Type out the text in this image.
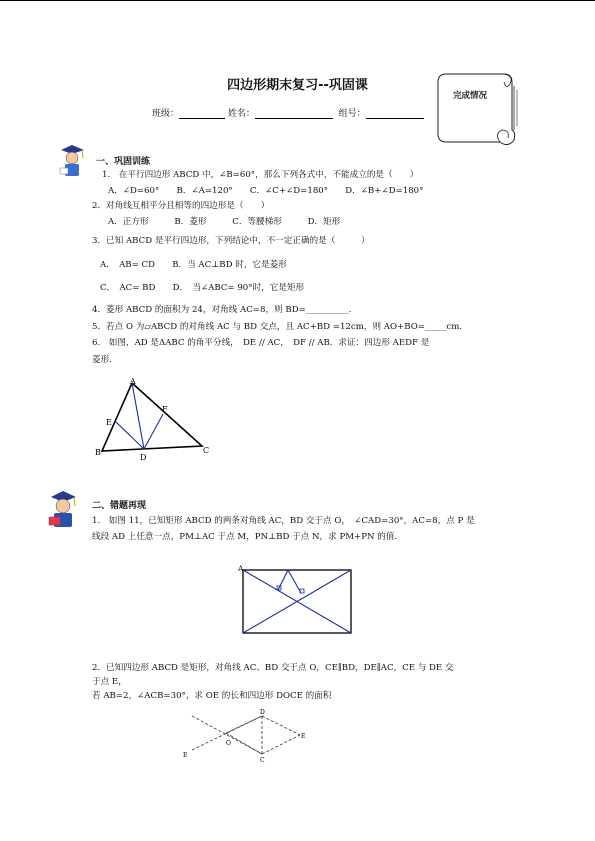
四边形期末复习--巩固课
班级：	姓名：	组号：
完成情况
一、巩固训练
1.　在平行四边形 ABCD 中，∠B=60°，那么下列各式中，不能成立的是（　　）
A．∠D=60°　　B．∠A=120°　　C．∠C+∠D=180°　　D．∠B+∠D=180°
2．对角线互相平分且相等的四边形是（　　）
A．正方形　　　B．菱形　　　C．等腰梯形　　　D．矩形
3．已知 ABCD 是平行四边形，下列结论中，不一定正确的是（　　　）
A．　AB= CD　　B．当 AC⊥BD 时，它是菱形
C．　AC= BD　　D．　当∠ABC= 90°时，它是矩形
4．菱形 ABCD 的面积为 24，对角线 AC=8，则 BD=__________.
5．若点 O 为▱ABCD 的对角线 AC 与 BD 交点，且 AC+BD =12cm，则 AO+BO=_____cm.
6.　如图，AD 是ΔABC 的角平分线，　DE // AC，　DF // AB．求证：四边形 AEDF 是
菱形.
A
B	C
D
E
F
二、错题再现
1.　如图 11，已知矩形 ABCD 的两条对角线 AC，BD 交于点 O，　∠CAD=30°，AC=8，点 P 是
线段 AD 上任意一点，PM⊥AC 于点 M，PN⊥BD 于点 N，求 PM+PN 的值.
A
2．已知四边形 ABCD 是矩形，对角线 AC、BD 交于点 O，CE∥BD，DE∥AC，CE 与 DE 交
于点 E，
若 AB=2，∠ACB=30°，求 OE 的长和四边形 DOCE 的面积
D
E
E
O
C
